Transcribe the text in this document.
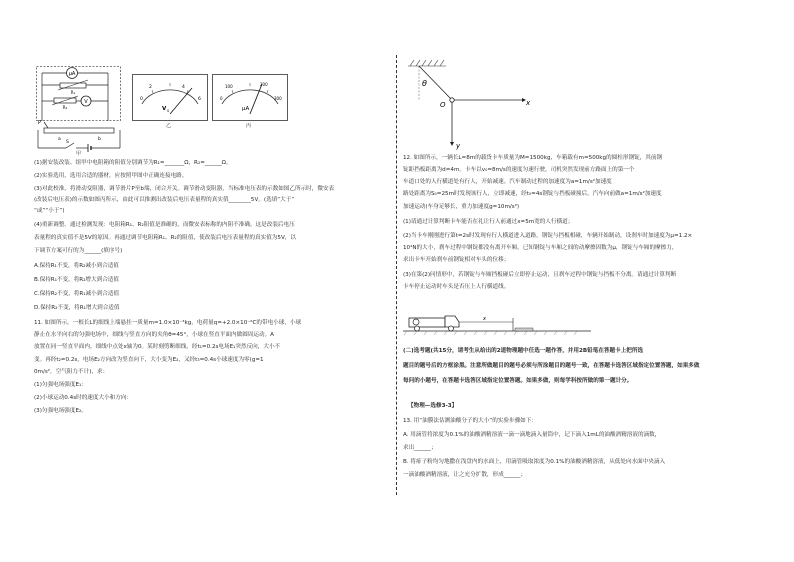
μA
R₁
V
R₂
P
a	b
S
甲
0
2	4
6
V S
乙
0
100	200
300
μA
丙
(1)据安装改装、组甲中电阻箱的阻值分别调节为R₁=_______Ω，R₂=______Ω。
(2)实验选用，选用合适的器材，应按照甲图中正确连接电路。
(3)对此校准，将滑动变阻器，调节滑片P至b端，闭合开关。调节滑动变阻器，当标准电压表的示数如图乙所示时，微安表
(改装后电压表)的示数如图丙所示，由此可以推测出改装后电压表量程的真实值________5V。(选填“大于”
“或”“小于”)
(4)重新调整。通过检测发现：电阻箱R₁、R₂阻值是准确的，而微安表标称的内阻不准确。这是改装后电压
表量程的真实值不是5V的原因。再通过调节电阻箱R₁、R₂的阻值，使改装后电压表量程的真实值为5V，以
下调节方案可行的为______(填序号)
A.保持R₁不变，将R₂减小到合适值
B.保持R₁不变，将R₂增大到合适值
C.保持R₂不变，将R₁减小到合适值
D.保持R₂不变，将R₁增大到合适值
11. 如图所示，一根长L的细线上端悬挂一质量m=1.0×10⁻³kg，电荷量q=+2.0×10⁻⁶C的带电小球，小球
静止在水平向右的匀强电场中，细线与竖直方向的夹角θ=45°，小球在竖直平面内做圆周运动。A
放置在同一竖直平面内，细线中点处x轴为0。某时刻剪断细线，经t₁=0.2s电场E₁突然反向，大小不
变。再经t₂=0.2s，电场E₂方向改为竖直向下，大小变为E₂，又经t₃=0.4s小球速度为零(g=1
0m/s²，空气阻力不计)，求：
(1)匀强电场强度E₁：
(2)小球运动0.4s时的速度大小和方向：
(3)匀强电场强度E₂。
θ
x
y
O
12. 如图所示，一辆长L=8m的载货卡车质量为M=1500kg，车箱载有m=500kg的圆柱形钢锭，其前钢
锭距挡板距离为d=4m。卡车以v₀=8m/s的速度匀速行驶，司机突然发现前方路面上的第一个
车道口处的人行横道处有行人，开始减速。汽车制动过程的加速度为a=1m/s²加速度
路处距离为S₀=25m时发现该行人，立即减速，经t₀=4s钢锭与挡板碰撞后，汽车向前做a=1m/s²加速度
加速运动(车身足够长，重力加速度g=10m/s²)
(1)请通过计算判断卡车能否在礼让行人前通过x=5m宽的人行横道；
(2)当卡车刚刚进行第t=2s时发现有行人横道进入道路，钢锭与挡板相碰，车辆开始制动，设刹车时加速度为μ=1.2×
10⁴N的大小，刹车过程中钢锭都没有离开车厢。已知钢锭与车厢之间的动摩擦因数为μ，钢锭与车厢的摩擦力，
求出卡车开始刹车前钢锭相对车头的位移；
(3)在第(2)问情形中，若钢锭与车厢挡板碰后立即停止运动，且刹车过程中钢锭与挡板不分离。请通过计算判断
卡车停止运动时车头是否压上人行横道线。
x
(二)选考题(共15分，请考生从给出的2道物理题中任选一题作答，并用2B铅笔在答题卡上把所选
题目的题号后的方框涂黑。注意所做题目的题号必须与所涂题目的题号一致，在答题卡选答区域指定位置答题，如果多做
每问的小题号，在答题卡选答区域指定位置答题。如果多做，则每学科按所做的第一题计分。
【物理—选修3-3】
13. 用“油膜法估测油酸分子的大小”的实验步骤如下：
A. 用滴管将浓度为0.1%的油酸酒精溶液一滴一滴地滴入量筒中，记下滴入1mL的油酸酒精溶液的滴数，
求出______；
B. 将痱子粉均匀地撒在浅盘内的水面上，用滴管吸取浓度为0.1%的油酸酒精溶液，从低处向水面中央滴入
一滴油酸酒精溶液，让之充分扩散，形成______；
